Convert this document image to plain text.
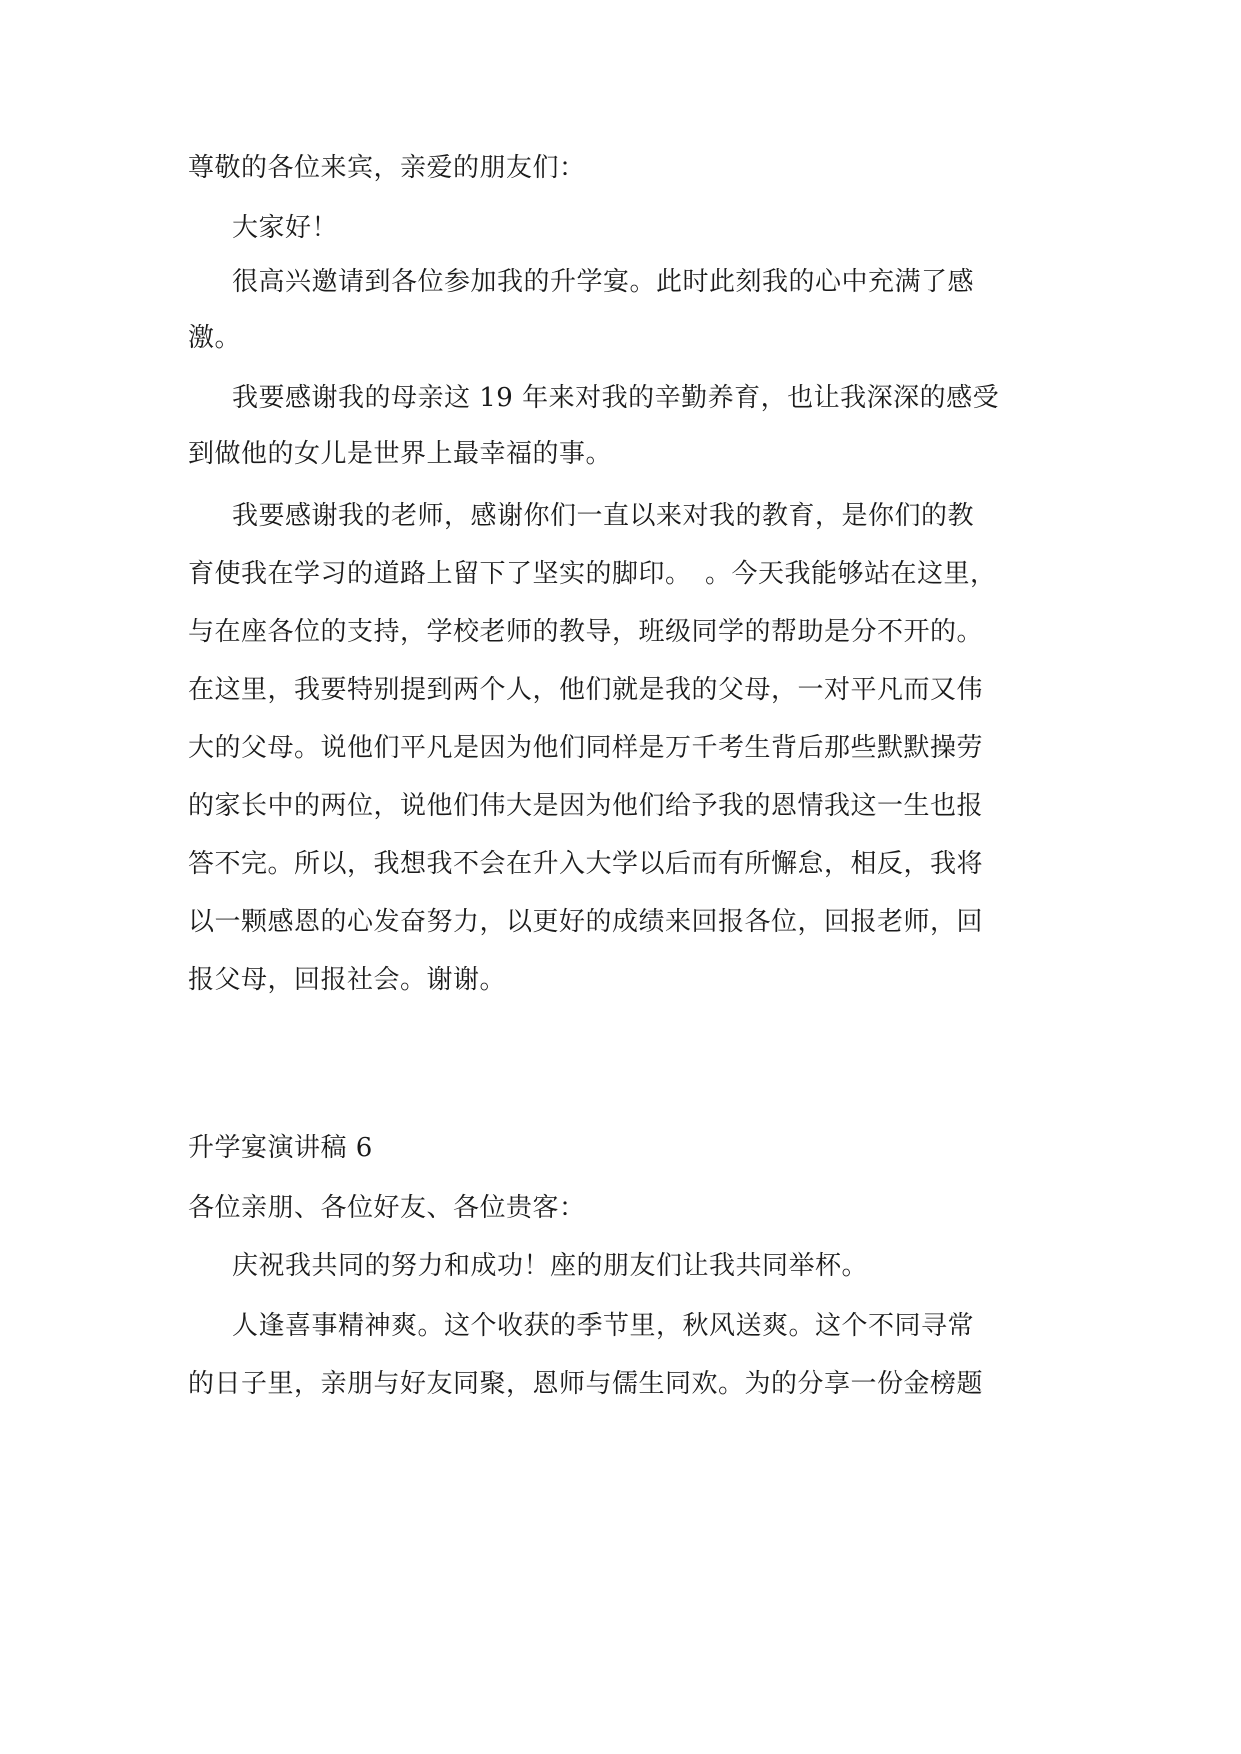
尊敬的各位来宾，亲爱的朋友们：
大家好！
很高兴邀请到各位参加我的升学宴。此时此刻我的心中充满了感
激。
我要感谢我的母亲这 19 年来对我的辛勤养育，也让我深深的感受
到做他的女儿是世界上最幸福的事。
我要感谢我的老师，感谢你们一直以来对我的教育，是你们的教
育使我在学习的道路上留下了坚实的脚印。　。今天我能够站在这里，
与在座各位的支持，学校老师的教导，班级同学的帮助是分不开的。
在这里，我要特别提到两个人，他们就是我的父母，一对平凡而又伟
大的父母。说他们平凡是因为他们同样是万千考生背后那些默默操劳
的家长中的两位，说他们伟大是因为他们给予我的恩情我这一生也报
答不完。所以，我想我不会在升入大学以后而有所懈怠，相反，我将
以一颗感恩的心发奋努力，以更好的成绩来回报各位，回报老师，回
报父母，回报社会。谢谢。
升学宴演讲稿 6
各位亲朋、各位好友、各位贵客：
庆祝我共同的努力和成功！座的朋友们让我共同举杯。
人逢喜事精神爽。这个收获的季节里，秋风送爽。这个不同寻常
的日子里，亲朋与好友同聚，恩师与儒生同欢。为的分享一份金榜题
